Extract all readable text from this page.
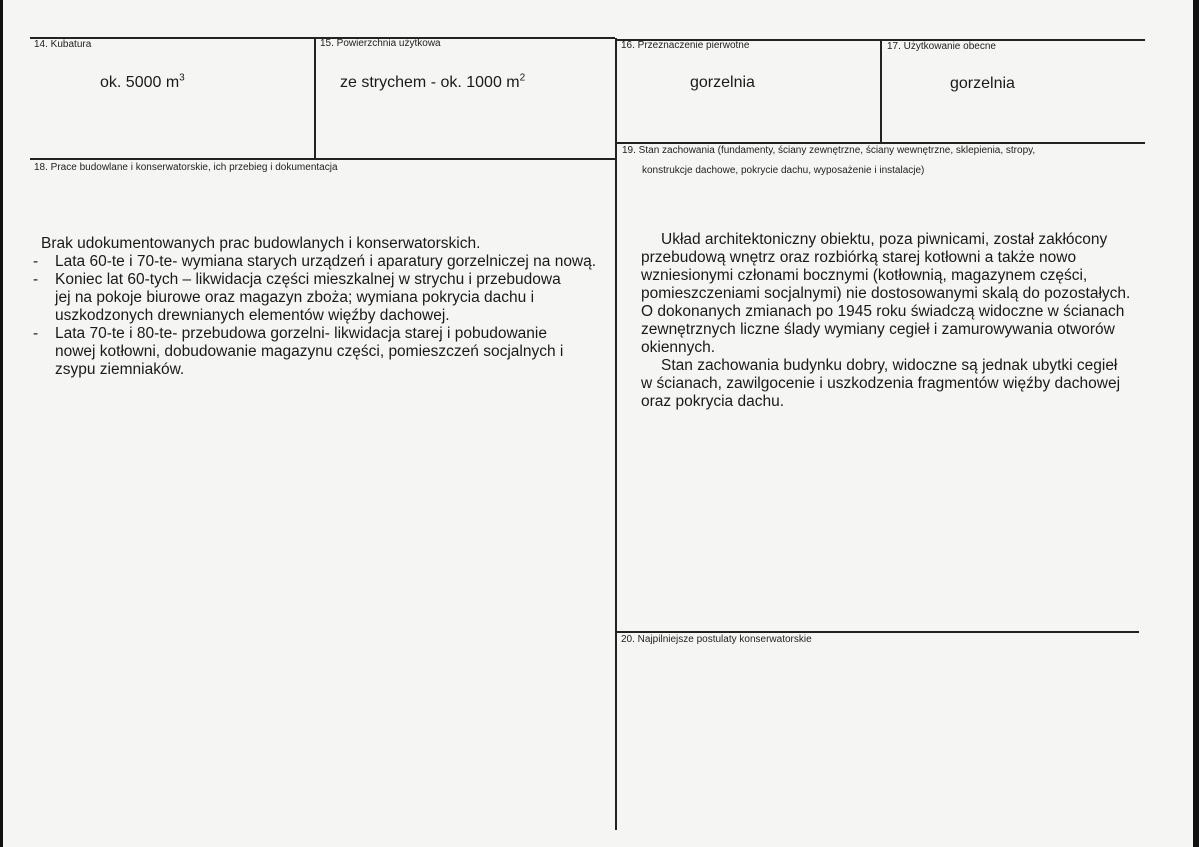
14. Kubatura
ok. 5000 $m^3$
15. Powierzchnia użytkowa
ze strychem - ok. 1000 $m^2$
16. Przeznaczenie pierwotne
gorzelnia
17. Użytkowanie obecne
gorzelnia
18. Prace budowlane i konserwatorskie, ich przebieg i dokumentacja

Brak udokumentowanych prac budowlanych i konserwatorskich.

- Lata 60-te i 70-te- wymiana starych urządzeń i aparatury gorzelniczej na nową.

- Koniec lat 60-tych – likwidacja części mieszkalnej w strychu i przebudowa jej na pokoje biurowe oraz magazyn zboża; wymiana pokrycia dachu i uszkodzonych drewnianych elementów więźby dachowej.

- Lata 70-te i 80-te- przebudowa gorzelni- likwidacja starej i pobudowanie nowej kotłowni, dobudowanie magazynu części, pomieszczeń socjalnych i zsypu ziemniaków.

19. Stan zachowania (fundamenty, ściany zewnętrzne, ściany wewnętrzne, sklepienia, stropy,
konstrukcje dachowe, pokrycie dachu, wyposażenie i instalacje)

Układ architektoniczny obiektu, poza piwnicami, został zakłócony przebudową wnętrz oraz rozbiórką starej kotłowni a także nowo wzniesionymi członami bocznymi (kotłownią, magazynem części, pomieszczeniami socjalnymi) nie dostosowanymi skalą do pozostałych. O dokonanych zmianach po 1945 roku świadczą widoczne w ścianach zewnętrznych liczne ślady wymiany cegieł i zamurowywania otworów okiennych.

Stan zachowania budynku dobry, widoczne są jednak ubytki cegieł w ścianach, zawilgocenie i uszkodzenia fragmentów więźby dachowej oraz pokrycia dachu.

20. Najpilniejsze postulaty konserwatorskie
